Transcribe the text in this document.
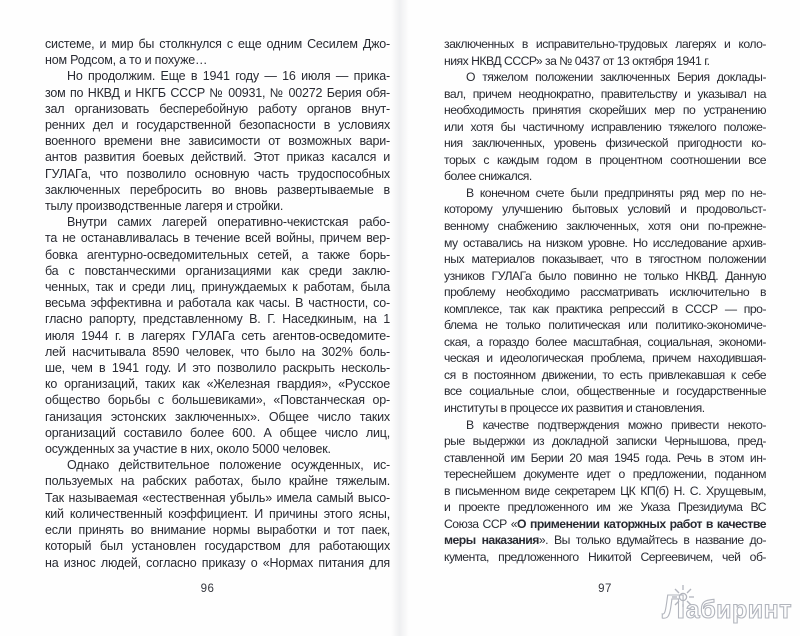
системе, и мир бы столкнулся с еще одним Сесилем Джо-
ном Родсом, а то и похуже…
Но продолжим. Еще в 1941 году — 16 июля — прика-
зом по НКВД и НКГБ СССР № 00931, № 00272 Берия обя-
зал организовать бесперебойную работу органов внут-
ренних дел и государственной безопасности в условиях
военного времени вне зависимости от возможных вари-
антов развития боевых действий. Этот приказ касался и
ГУЛАГа, что позволило основную часть трудоспособных
заключенных перебросить во вновь развертываемые в
тылу производственные лагеря и стройки.
Внутри самих лагерей оперативно-чекистская рабо-
та не останавливалась в течение всей войны, причем вер-
бовка агентурно-осведомительных сетей, а также борь-
ба с повстанческими организациями как среди заклю-
ченных, так и среди лиц, принуждаемых к работам, была
весьма эффективна и работала как часы. В частности, со-
гласно рапорту, представленному В. Г. Наседкиным, на 1
июля 1944 г. в лагерях ГУЛАГа сеть агентов-осведомите-
лей насчитывала 8590 человек, что было на 302% боль-
ше, чем в 1941 году. И это позволило раскрыть несколь-
ко организаций, таких как «Железная гвардия», «Русское
общество борьбы с большевиками», «Повстанческая ор-
ганизация эстонских заключенных». Общее число таких
организаций составило более 600. А общее число лиц,
осужденных за участие в них, около 5000 человек.
Однако действительное положение осужденных, ис-
пользуемых на рабских работах, было крайне тяжелым.
Так называемая «естественная убыль» имела самый высо-
кий количественный коэффициент. И причины этого ясны,
если принять во внимание нормы выработки и тот паек,
который был установлен государством для работающих
на износ людей, согласно приказу о «Нормах питания для
заключенных в исправительно-трудовых лагерях и коло-
ниях НКВД СССР» за № 0437 от 13 октября 1941 г.
О тяжелом положении заключенных Берия доклады-
вал, причем неоднократно, правительству и указывал на
необходимость принятия скорейших мер по устранению
или хотя бы частичному исправлению тяжелого положе-
ния заключенных, уровень физической пригодности ко-
торых с каждым годом в процентном соотношении все
более снижался.
В конечном счете были предприняты ряд мер по не-
которому улучшению бытовых условий и продовольст-
венному снабжению заключенных, хотя они по-прежне-
му оставались на низком уровне. Но исследование архив-
ных материалов показывает, что в тягостном положении
узников ГУЛАГа было повинно не только НКВД. Данную
проблему необходимо рассматривать исключительно в
комплексе, так как практика репрессий в СССР — про-
блема не только политическая или политико-экономиче-
ская, а гораздо более масштабная, социальная, экономи-
ческая и идеологическая проблема, причем находившая-
ся в постоянном движении, то есть привлекавшая к себе
все социальные слои, общественные и государственные
институты в процессе их развития и становления.
В качестве подтверждения можно привести некото-
рые выдержки из докладной записки Чернышова, пред-
ставленной им Берии 20 мая 1945 года. Речь в этом ин-
тереснейшем документе идет о предложении, поданном
в письменном виде секретарем ЦК КП(б) Н. С. Хрущевым,
и проекте предложенного им же Указа Президиума ВС
Союза ССР «О применении каторжных работ в качестве
меры наказания». Вы только вдумайтесь в название до-
кумента, предложенного Никитой Сергеевичем, чей об-
96	97	Лабиринт
